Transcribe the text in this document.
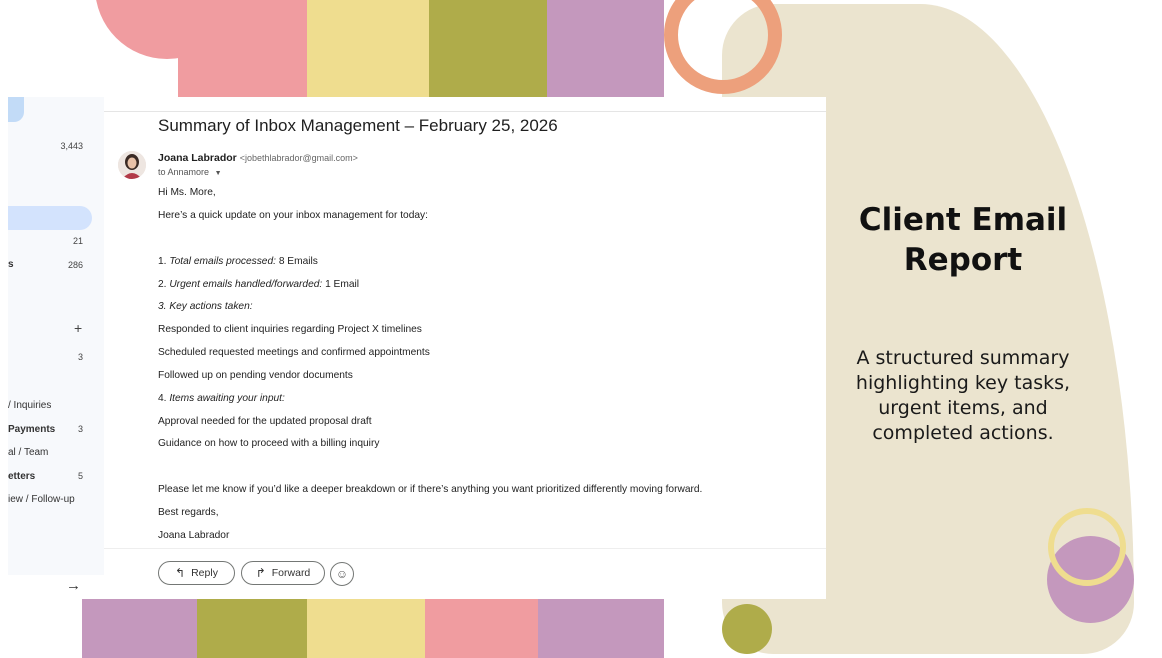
Client Email Report
A structured summary highlighting key tasks, urgent items, and completed actions.
3,443
21
s	286
+
3
/ Inquiries
Payments	3
al / Team
etters	5
iew / Follow-up
→
Summary of Inbox Management – February 25, 2026
Joana Labrador <jobethlabrador@gmail.com>
to Annamore ▼
Hi Ms. More,
Here’s a quick update on your inbox management for today:
1. Total emails processed: 8 Emails
2. Urgent emails handled/forwarded: 1 Email
3. Key actions taken:
Responded to client inquiries regarding Project X timelines
Scheduled requested meetings and confirmed appointments
Followed up on pending vendor documents
4. Items awaiting your input:
Approval needed for the updated proposal draft
Guidance on how to proceed with a billing inquiry
Please let me know if you’d like a deeper breakdown or if there’s anything you want prioritized differently moving forward.
Best regards,
Joana Labrador
↰ Reply	↱ Forward ☺
